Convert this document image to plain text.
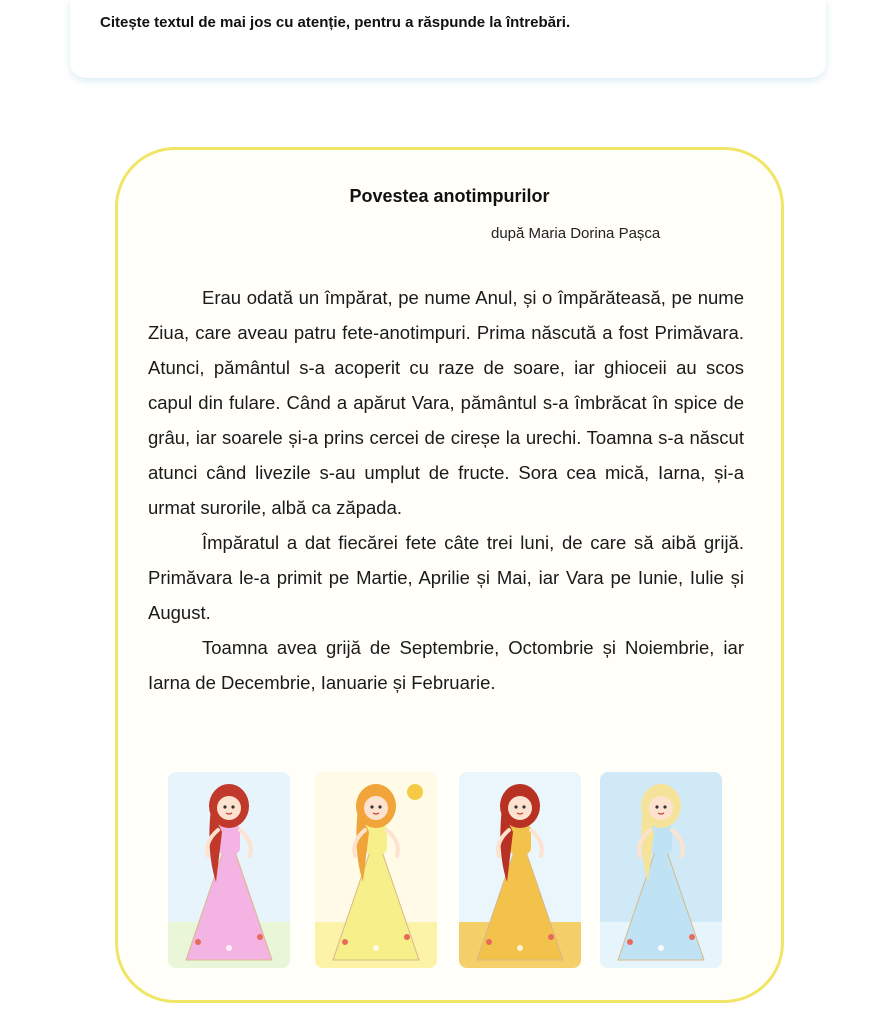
Citește textul de mai jos cu atenție, pentru a răspunde la întrebări.

Povestea anotimpurilor

după Maria Dorina Pașca

Erau odată un împărat, pe nume Anul, și o împărăteasă, pe nume Ziua, care aveau patru fete-anotimpuri. Prima născută a fost Primăvara. Atunci, pământul s-a acoperit cu raze de soare, iar ghioceii au scos capul din fulare. Când a apărut Vara, pământul s-a îmbrăcat în spice de grâu, iar soarele și-a prins cercei de cireșe la urechi. Toamna s-a născut atunci când livezile s-au umplut de fructe. Sora cea mică, Iarna, și-a urmat surorile, albă ca zăpada.

Împăratul a dat fiecărei fete câte trei luni, de care să aibă grijă. Primăvara le-a primit pe Martie, Aprilie și Mai, iar Vara pe Iunie, Iulie și August.

Toamna avea grijă de Septembrie, Octombrie și Noiembrie, iar Iarna de Decembrie, Ianuarie și Februarie.
